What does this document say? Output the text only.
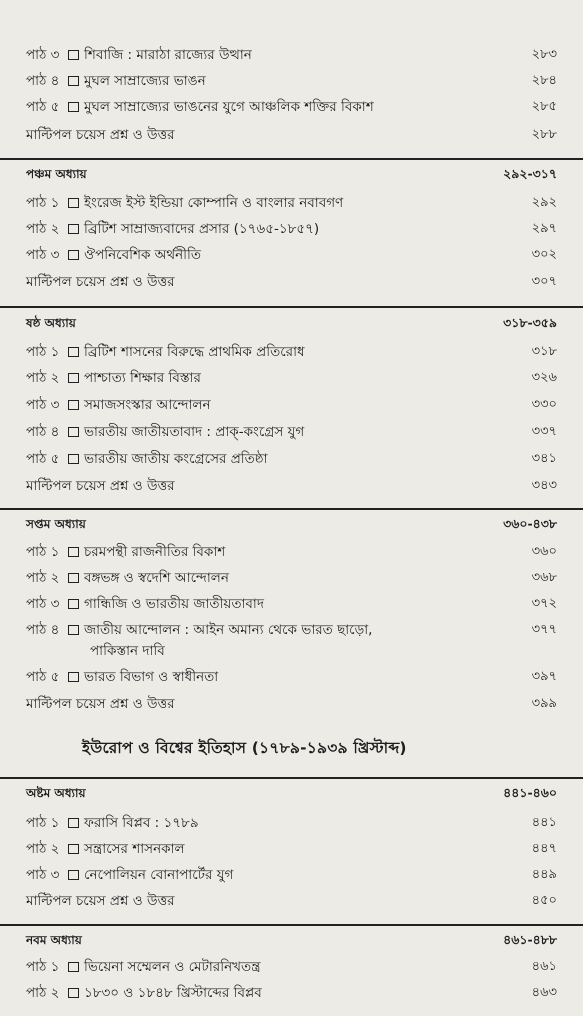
পাঠ ৩ শিবাজি : মারাঠা রাজ্যের উত্থান	২৮৩
পাঠ ৪ মুঘল সাম্রাজ্যের ভাঙন	২৮৪
পাঠ ৫ মুঘল সাম্রাজ্যের ভাঙনের যুগে আঞ্চলিক শক্তির বিকাশ	২৮৫
মাল্টিপল চয়েস প্রশ্ন ও উত্তর	২৮৮
পঞ্চম অধ্যায়	২৯২-৩১৭
পাঠ ১ ইংরেজ ইস্ট ইন্ডিয়া কোম্পানি ও বাংলার নবাবগণ	২৯২
পাঠ ২ ব্রিটিশ সাম্রাজ্যবাদের প্রসার (১৭৬৫-১৮৫৭)	২৯৭
পাঠ ৩ ঔপনিবেশিক অর্থনীতি	৩০২
মাল্টিপল চয়েস প্রশ্ন ও উত্তর	৩০৭
ষষ্ঠ অধ্যায়	৩১৮-৩৫৯
পাঠ ১ ব্রিটিশ শাসনের বিরুদ্ধে প্রাথমিক প্রতিরোধ	৩১৮
পাঠ ২ পাশ্চাত্য শিক্ষার বিস্তার	৩২৬
পাঠ ৩ সমাজসংস্কার আন্দোলন	৩৩০
পাঠ ৪ ভারতীয় জাতীয়তাবাদ : প্রাক্-কংগ্রেস যুগ	৩৩৭
পাঠ ৫ ভারতীয় জাতীয় কংগ্রেসের প্রতিষ্ঠা	৩৪১
মাল্টিপল চয়েস প্রশ্ন ও উত্তর	৩৪৩
সপ্তম অধ্যায়	৩৬০-৪৩৮
পাঠ ১ চরমপন্থী রাজনীতির বিকাশ	৩৬০
পাঠ ২ বঙ্গভঙ্গ ও স্বদেশি আন্দোলন	৩৬৮
পাঠ ৩ গান্ধিজি ও ভারতীয় জাতীয়তাবাদ	৩৭২
পাঠ ৪ জাতীয় আন্দোলন : আইন অমান্য থেকে ভারত ছাড়ো,	৩৭৭
পাকিস্তান দাবি
পাঠ ৫ ভারত বিভাগ ও স্বাধীনতা	৩৯৭
মাল্টিপল চয়েস প্রশ্ন ও উত্তর	৩৯৯
ইউরোপ ও বিশ্বের ইতিহাস (১৭৮৯-১৯৩৯ খ্রিস্টাব্দ)
অষ্টম অধ্যায়	৪৪১-৪৬০
পাঠ ১ ফরাসি বিপ্লব : ১৭৮৯	৪৪১
পাঠ ২ সন্ত্রাসের শাসনকাল	৪৪৭
পাঠ ৩ নেপোলিয়ন বোনাপার্টের যুগ	৪৪৯
মাল্টিপল চয়েস প্রশ্ন ও উত্তর	৪৫০
নবম অধ্যায়	৪৬১-৪৮৮
পাঠ ১ ভিয়েনা সম্মেলন ও মেটারনিখতন্ত্র	৪৬১
পাঠ ২ ১৮৩০ ও ১৮৪৮ খ্রিস্টাব্দের বিপ্লব	৪৬৩
